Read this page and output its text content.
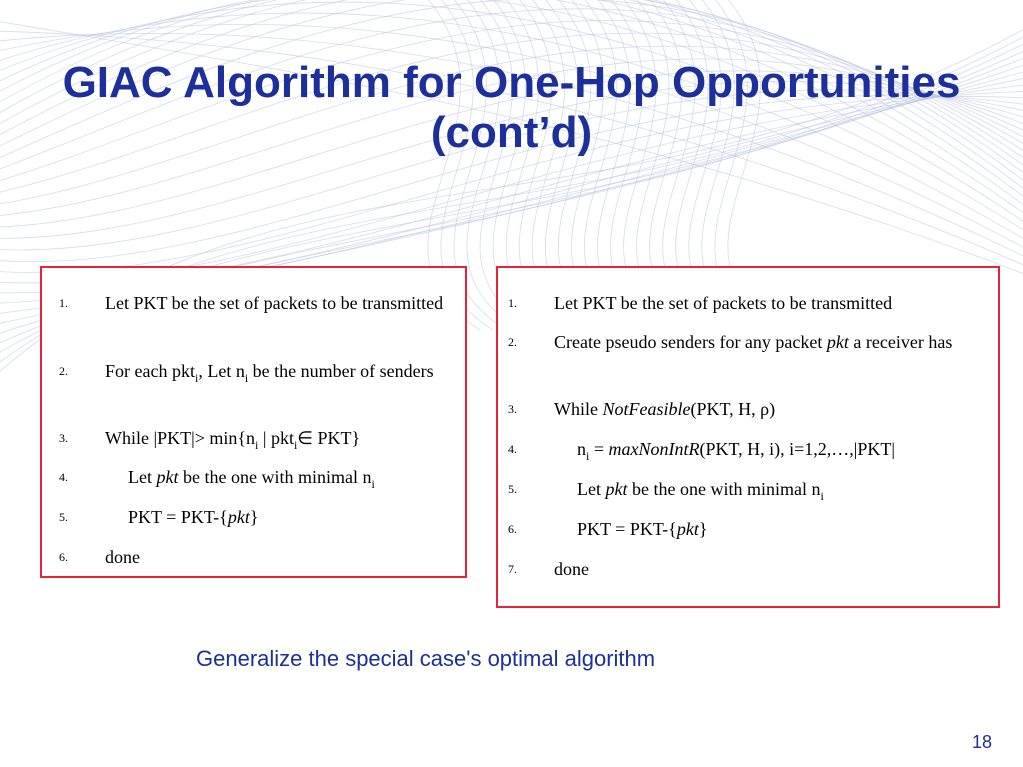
GIAC Algorithm for One-Hop Opportunities (cont’d)
1. Let PKT be the set of packets to be transmitted
2. For each pkt$_i$, Let $n_i$ be the number of senders
3. While $|PKT|> \min\{n_i$ | pkt$_i$∈ PKT}
4.	Let pkt be the one with minimal $n_i$
5.	PKT = PKT-{pkt}
6. done
1. Let PKT be the set of packets to be transmitted
2. Create pseudo senders for any packet pkt a receiver has
3. While NotFeasible(PKT, H, ρ)
4.	$n_i$ = maxNonIntR(PKT, H, i), i=1,2,…,|PKT|
5.	Let pkt be the one with minimal $n_i$
6.	PKT = PKT-{pkt}
7. done

Generalize the special case's optimal algorithm

18
